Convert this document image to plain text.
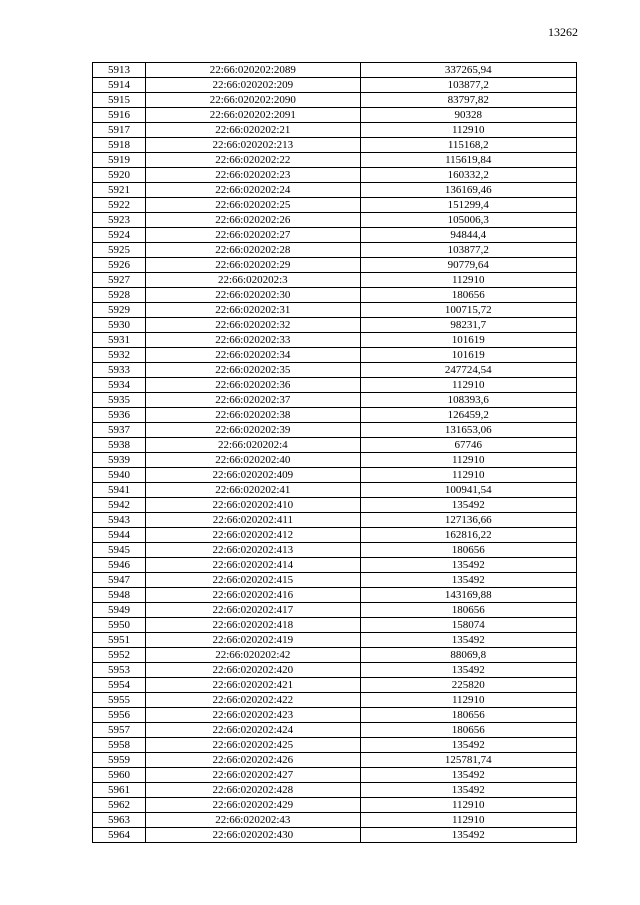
13262
5913	22:66:020202:2089	337265,94
5914	22:66:020202:209	103877,2
5915	22:66:020202:2090	83797,82
5916	22:66:020202:2091	90328
5917	22:66:020202:21	112910
5918	22:66:020202:213	115168,2
5919	22:66:020202:22	115619,84
5920	22:66:020202:23	160332,2
5921	22:66:020202:24	136169,46
5922	22:66:020202:25	151299,4
5923	22:66:020202:26	105006,3
5924	22:66:020202:27	94844,4
5925	22:66:020202:28	103877,2
5926	22:66:020202:29	90779,64
5927	22:66:020202:3	112910
5928	22:66:020202:30	180656
5929	22:66:020202:31	100715,72
5930	22:66:020202:32	98231,7
5931	22:66:020202:33	101619
5932	22:66:020202:34	101619
5933	22:66:020202:35	247724,54
5934	22:66:020202:36	112910
5935	22:66:020202:37	108393,6
5936	22:66:020202:38	126459,2
5937	22:66:020202:39	131653,06
5938	22:66:020202:4	67746
5939	22:66:020202:40	112910
5940	22:66:020202:409	112910
5941	22:66:020202:41	100941,54
5942	22:66:020202:410	135492
5943	22:66:020202:411	127136,66
5944	22:66:020202:412	162816,22
5945	22:66:020202:413	180656
5946	22:66:020202:414	135492
5947	22:66:020202:415	135492
5948	22:66:020202:416	143169,88
5949	22:66:020202:417	180656
5950	22:66:020202:418	158074
5951	22:66:020202:419	135492
5952	22:66:020202:42	88069,8
5953	22:66:020202:420	135492
5954	22:66:020202:421	225820
5955	22:66:020202:422	112910
5956	22:66:020202:423	180656
5957	22:66:020202:424	180656
5958	22:66:020202:425	135492
5959	22:66:020202:426	125781,74
5960	22:66:020202:427	135492
5961	22:66:020202:428	135492
5962	22:66:020202:429	112910
5963	22:66:020202:43	112910
5964	22:66:020202:430	135492
